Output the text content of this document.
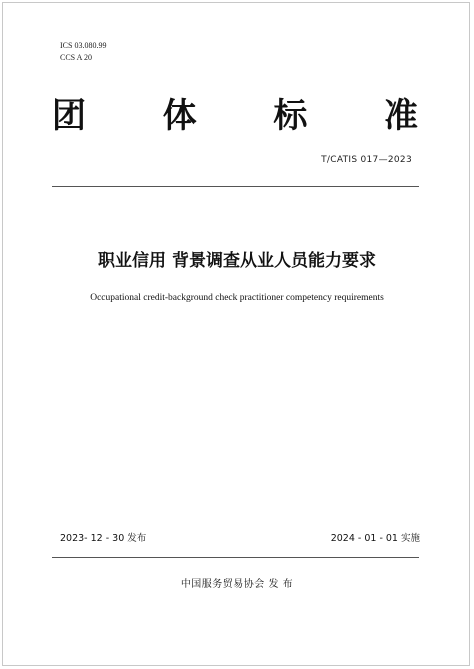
ICS 03.080.99
CCS A 20
团 体 标 准
T/CATIS 017—2023
职业信用 背景调查从业人员能力要求
Occupational credit-background check practitioner competency requirements
2023- 12 - 30 发布	2024 - 01 - 01 实施
中国服务贸易协会 发 布
